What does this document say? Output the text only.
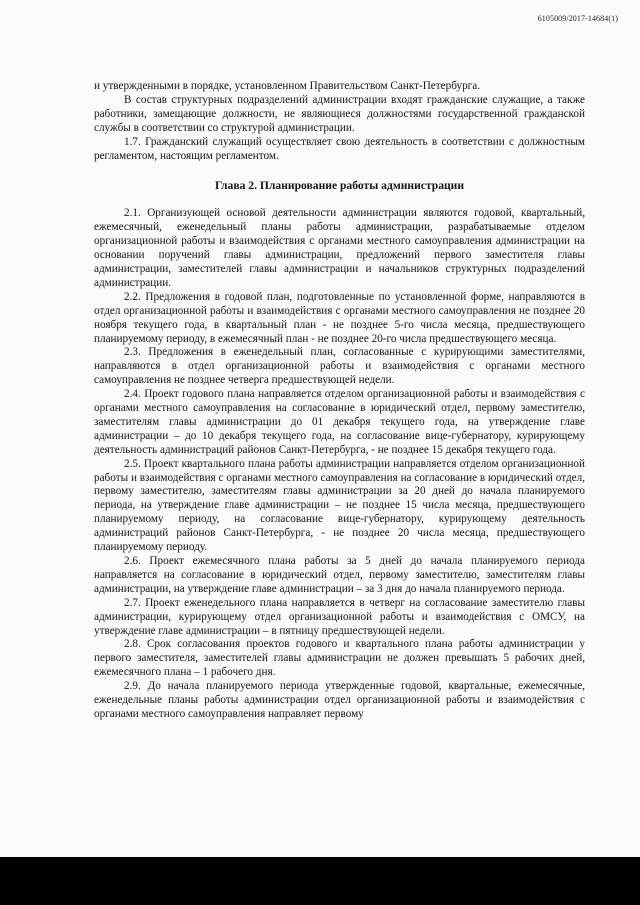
6105009/2017-14684(1)

и утвержденными в порядке, установленном Правительством Санкт-Петербурга.

В состав структурных подразделений администрации входят гражданские служащие, а также работники, замещающие должности, не являющиеся должностями государственной гражданской службы в соответствии со структурой администрации.

1.7. Гражданский служащий осуществляет свою деятельность в соответствии с должностным регламентом, настоящим регламентом.

Глава 2. Планирование работы администрации

2.1. Организующей основой деятельности администрации являются годовой, квартальный, ежемесячный, еженедельный планы работы администрации, разрабатываемые отделом организационной работы и взаимодействия с органами местного самоуправления администрации на основании поручений главы администрации, предложений первого заместителя главы администрации, заместителей главы администрации и начальников структурных подразделений администрации.

2.2. Предложения в годовой план, подготовленные по установленной форме, направляются в отдел организационной работы и взаимодействия с органами местного самоуправления не позднее 20 ноября текущего года, в квартальный план - не позднее 5-го числа месяца, предшествующего планируемому периоду, в ежемесячный план - не позднее 20-го числа предшествующего месяца.

2.3. Предложения в еженедельный план, согласованные с курирующими заместителями, направляются в отдел организационной работы и взаимодействия с органами местного самоуправления не позднее четверга предшествующей недели.

2.4. Проект годового плана направляется отделом организационной работы и взаимодействия с органами местного самоуправления на согласование в юридический отдел, первому заместителю, заместителям главы администрации до 01 декабря текущего года, на утверждение главе администрации – до 10 декабря текущего года, на согласование вице-губернатору, курирующему деятельность администраций районов Санкт-Петербурга, - не позднее 15 декабря текущего года.

2.5. Проект квартального плана работы администрации направляется отделом организационной работы и взаимодействия с органами местного самоуправления на согласование в юридический отдел, первому заместителю, заместителям главы администрации за 20 дней до начала планируемого периода, на утверждение главе администрации – не позднее 15 числа месяца, предшествующего планируемому периоду, на согласование вице-губернатору, курирующему деятельность администраций районов Санкт-Петербурга, - не позднее 20 числа месяца, предшествующего планируемому периоду.

2.6. Проект ежемесячного плана работы за 5 дней до начала планируемого периода направляется на согласование в юридический отдел, первому заместителю, заместителям главы администрации, на утверждение главе администрации – за 3 дня до начала планируемого периода.

2.7. Проект еженедельного плана направляется в четверг на согласование заместителю главы администрации, курирующему отдел организационной работы и взаимодействия с ОМСУ, на утверждение главе администрации – в пятницу предшествующей недели.

2.8. Срок согласования проектов годового и квартального плана работы администрации у первого заместителя, заместителей главы администрации не должен превышать 5 рабочих дней, ежемесячного плана – 1 рабочего дня.

2.9. До начала планируемого периода утвержденные годовой, квартальные, ежемесячные, еженедельные планы работы администрации отдел организационной работы и взаимодействия с органами местного самоуправления направляет первому
